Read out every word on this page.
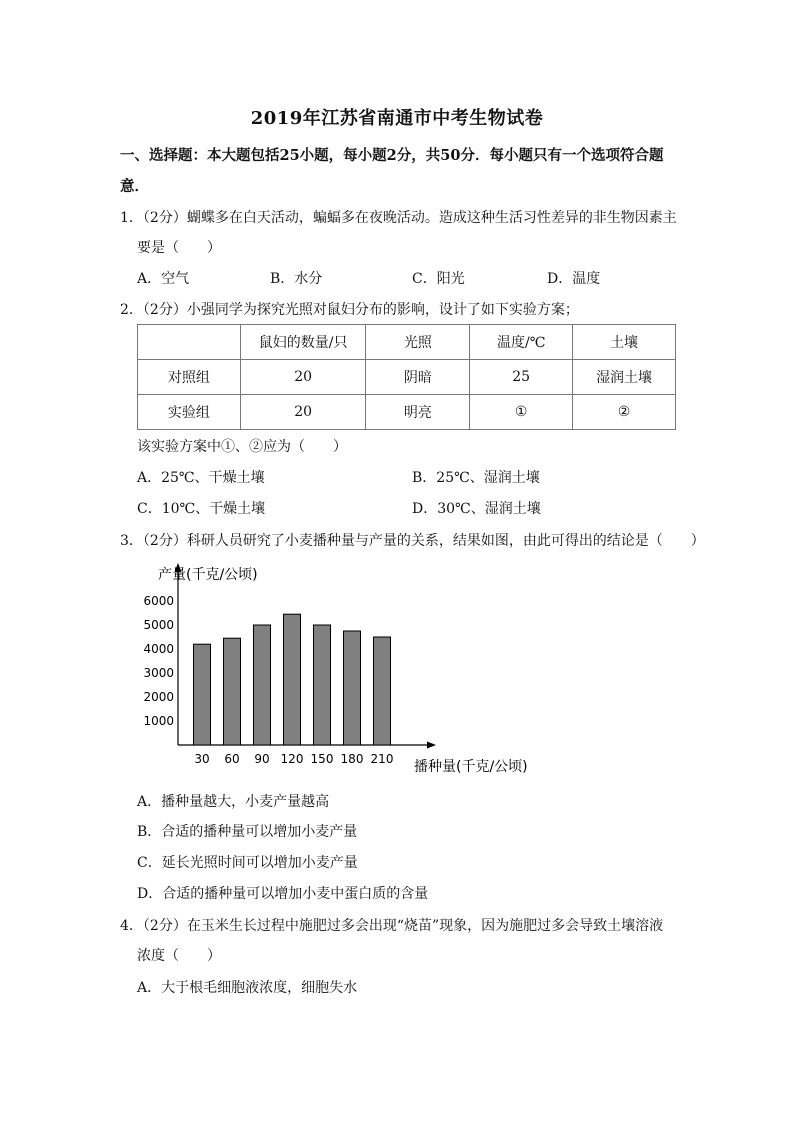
2019年江苏省南通市中考生物试卷
一、选择题：本大题包括25小题，每小题2分，共50分．每小题只有一个选项符合题
意．
1．（2分）蝴蝶多在白天活动，蝙蝠多在夜晚活动。造成这种生活习性差异的非生物因素主
要是（　　）
A．空气	B．水分	C．阳光	D．温度
2．（2分）小强同学为探究光照对鼠妇分布的影响，设计了如下实验方案；
	鼠妇的数量/只	光照	温度/℃	土壤
对照组	20	阴暗	25	湿润土壤
实验组	20	明亮	①	②
该实验方案中①、②应为（　　）
A．25℃、干燥土壤	B．25℃、湿润土壤
C．10℃、干燥土壤	D．30℃、湿润土壤
3．（2分）科研人员研究了小麦播种量与产量的关系，结果如图，由此可得出的结论是（　　）
产量(千克/公顷)
播种量(千克/公顷)
1000
2000
3000
4000
5000
6000
30 60 90 120 150 180 210
A．播种量越大，小麦产量越高
B．合适的播种量可以增加小麦产量
C．延长光照时间可以增加小麦产量
D．合适的播种量可以增加小麦中蛋白质的含量
4．（2分）在玉米生长过程中施肥过多会出现“烧苗”现象，因为施肥过多会导致土壤溶液
浓度（　　）
A．大于根毛细胞液浓度，细胞失水
